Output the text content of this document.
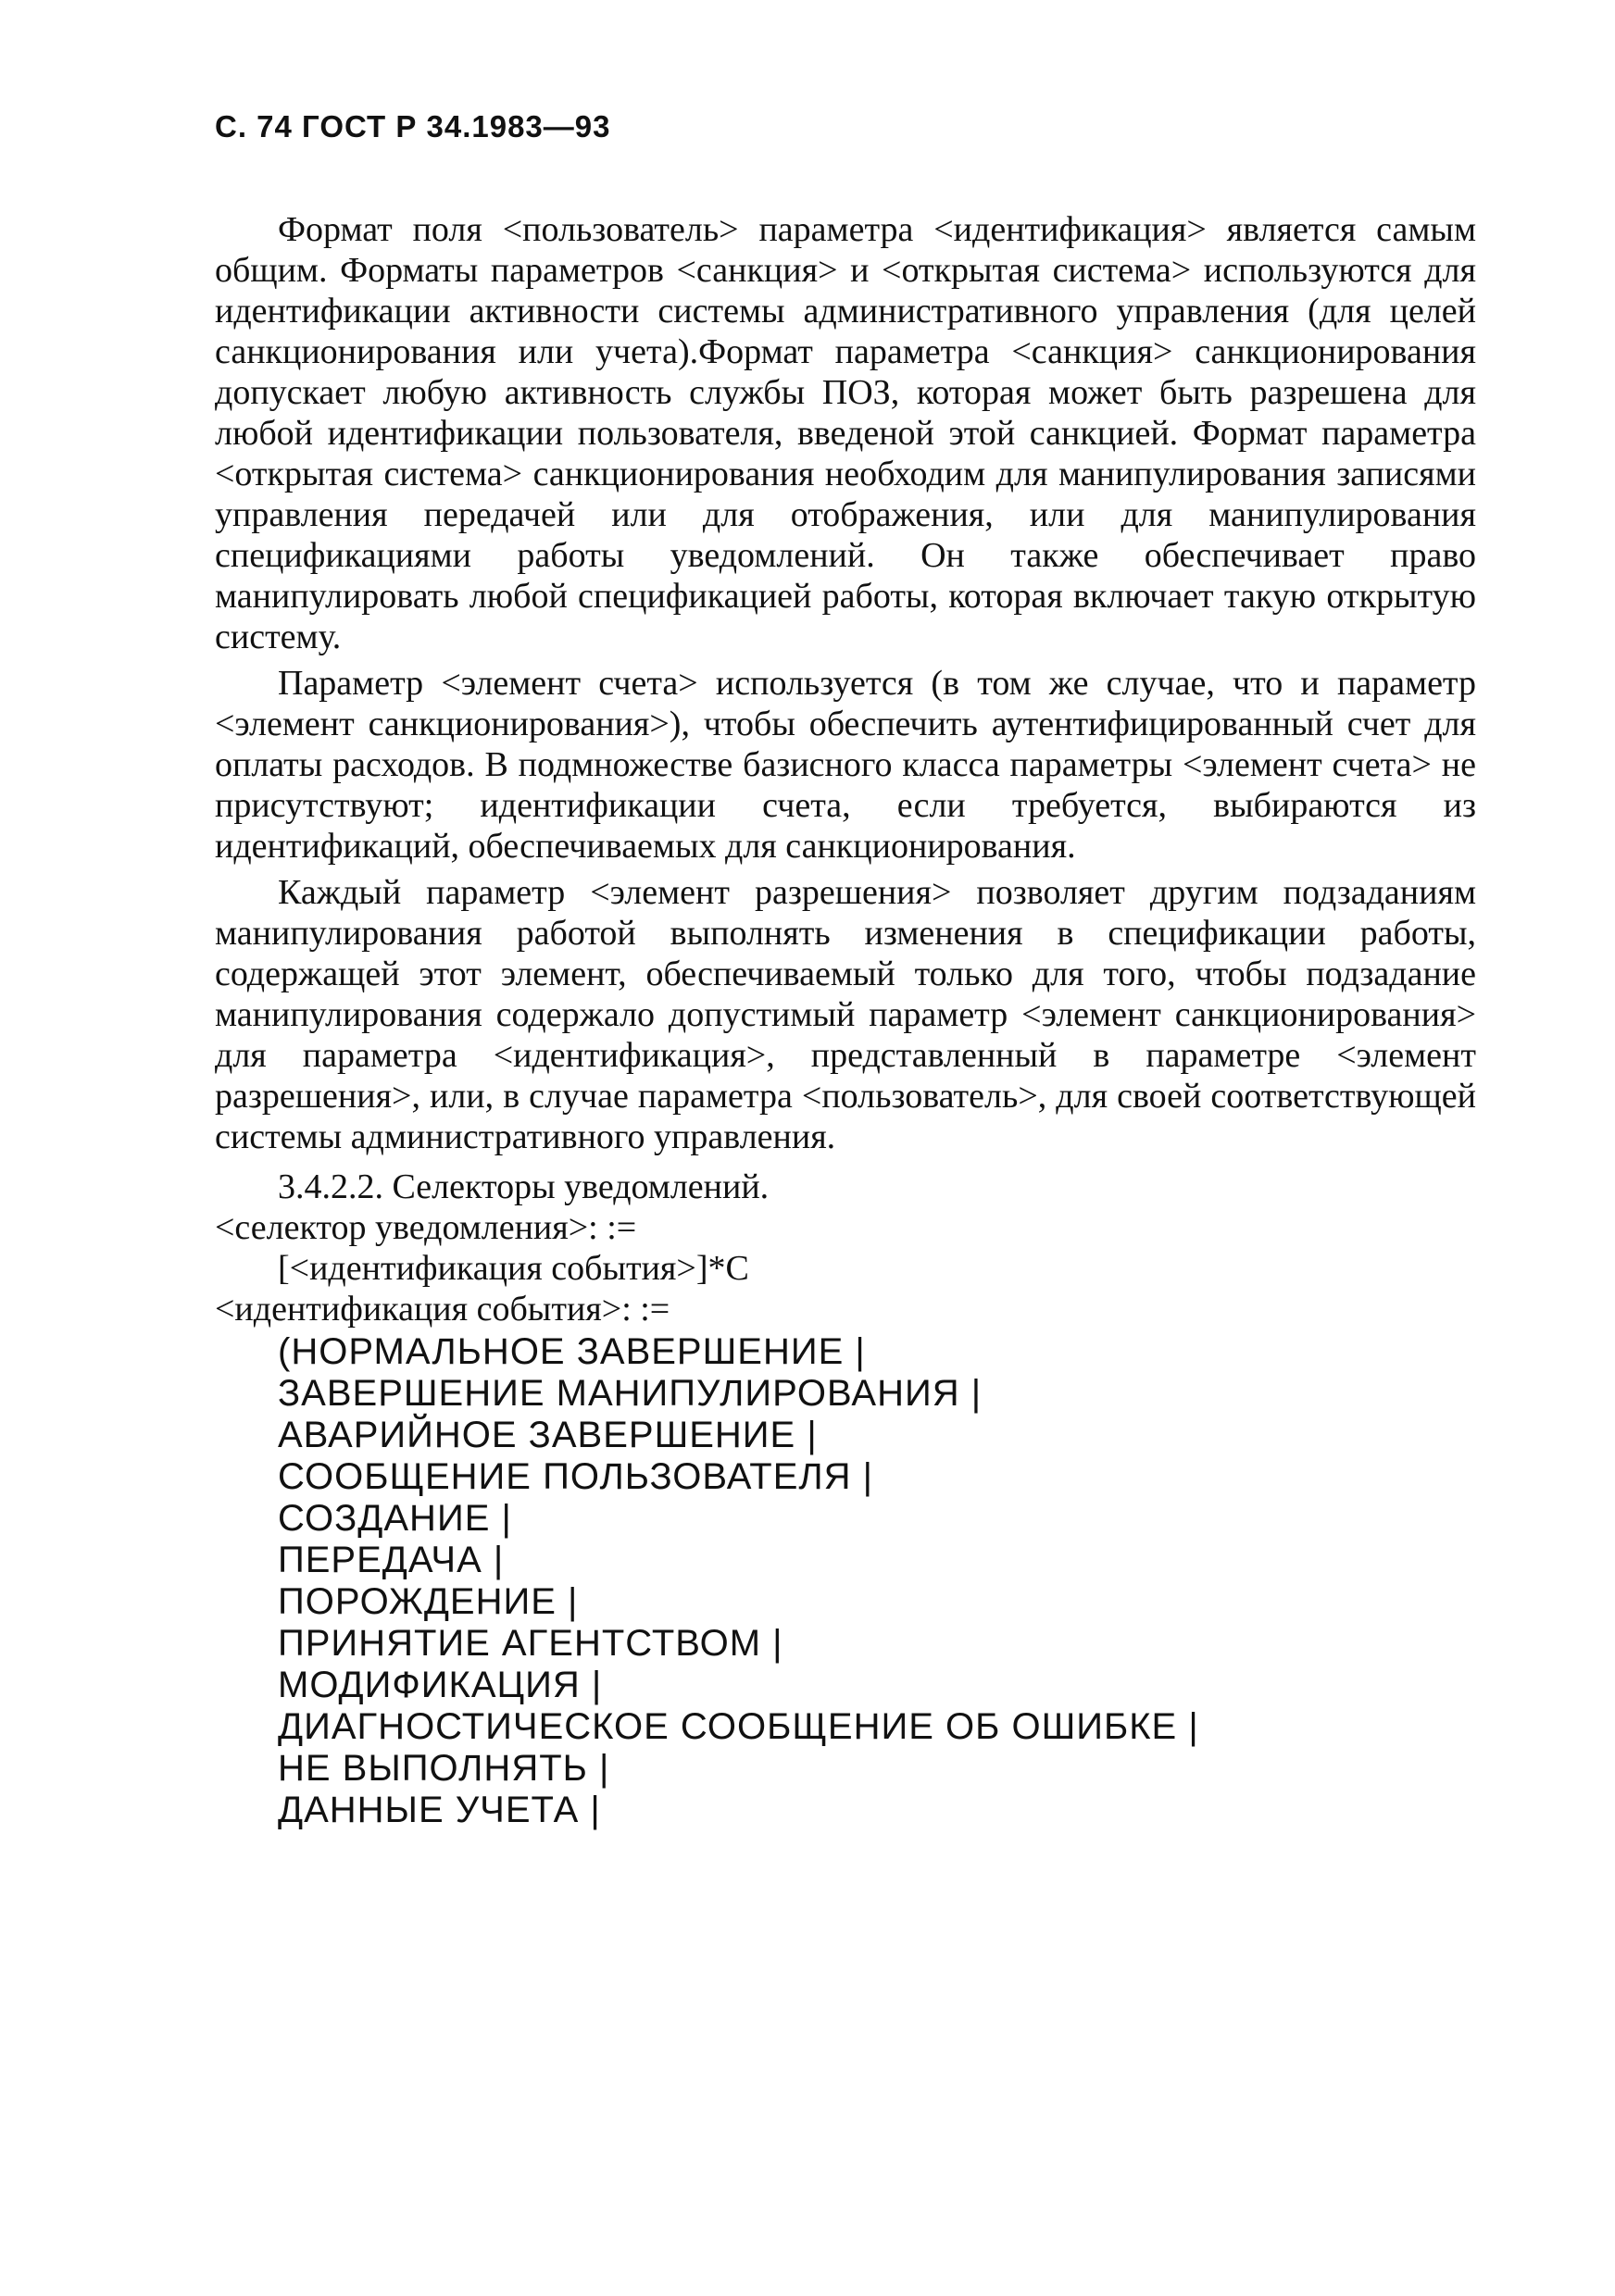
С. 74 ГОСТ Р 34.1983—93

Формат поля <пользователь> параметра <идентификация> является самым общим. Форматы параметров <санкция> и <открытая система> используются для идентификации активности системы административного управления (для целей санкционирования или учета).Формат параметра <санкция> санкционирования допускает любую активность службы ПОЗ, которая может быть разрешена для любой идентификации пользователя, введеной этой санкцией. Формат параметра <открытая система> санкционирования необходим для манипулирования записями управления передачей или для отображения, или для манипулирования спецификациями работы уведомлений. Он также обеспечивает право манипулировать любой спецификацией работы, которая включает такую открытую систему.

Параметр <элемент счета> используется (в том же случае, что и параметр <элемент санкционирования>), чтобы обеспечить аутентифицированный счет для оплаты расходов. В подмножестве базисного класса параметры <элемент счета> не присутствуют; идентификации счета, если требуется, выбираются из идентификаций, обеспечиваемых для санкционирования.

Каждый параметр <элемент разрешения> позволяет другим подзаданиям манипулирования работой выполнять изменения в спецификации работы, содержащей этот элемент, обеспечиваемый только для того, чтобы подзадание манипулирования содержало допустимый параметр <элемент санкционирования> для параметра <идентификация>, представленный в параметре <элемент разрешения>, или, в случае параметра <пользователь>, для своей соответствующей системы административного управления.

3.4.2.2. Селекторы уведомлений.
<селектор уведомления>: :=
[<идентификация события>]*C
<идентификация события>: :=
(НОРМАЛЬНОЕ ЗАВЕРШЕНИЕ |
ЗАВЕРШЕНИЕ МАНИПУЛИРОВАНИЯ |
АВАРИЙНОЕ ЗАВЕРШЕНИЕ |
СООБЩЕНИЕ ПОЛЬЗОВАТЕЛЯ |
СОЗДАНИЕ |
ПЕРЕДАЧА |
ПОРОЖДЕНИЕ |
ПРИНЯТИЕ АГЕНТСТВОМ |
МОДИФИКАЦИЯ |
ДИАГНОСТИЧЕСКОЕ СООБЩЕНИЕ ОБ ОШИБКЕ |
НЕ ВЫПОЛНЯТЬ |
ДАННЫЕ УЧЕТА |
